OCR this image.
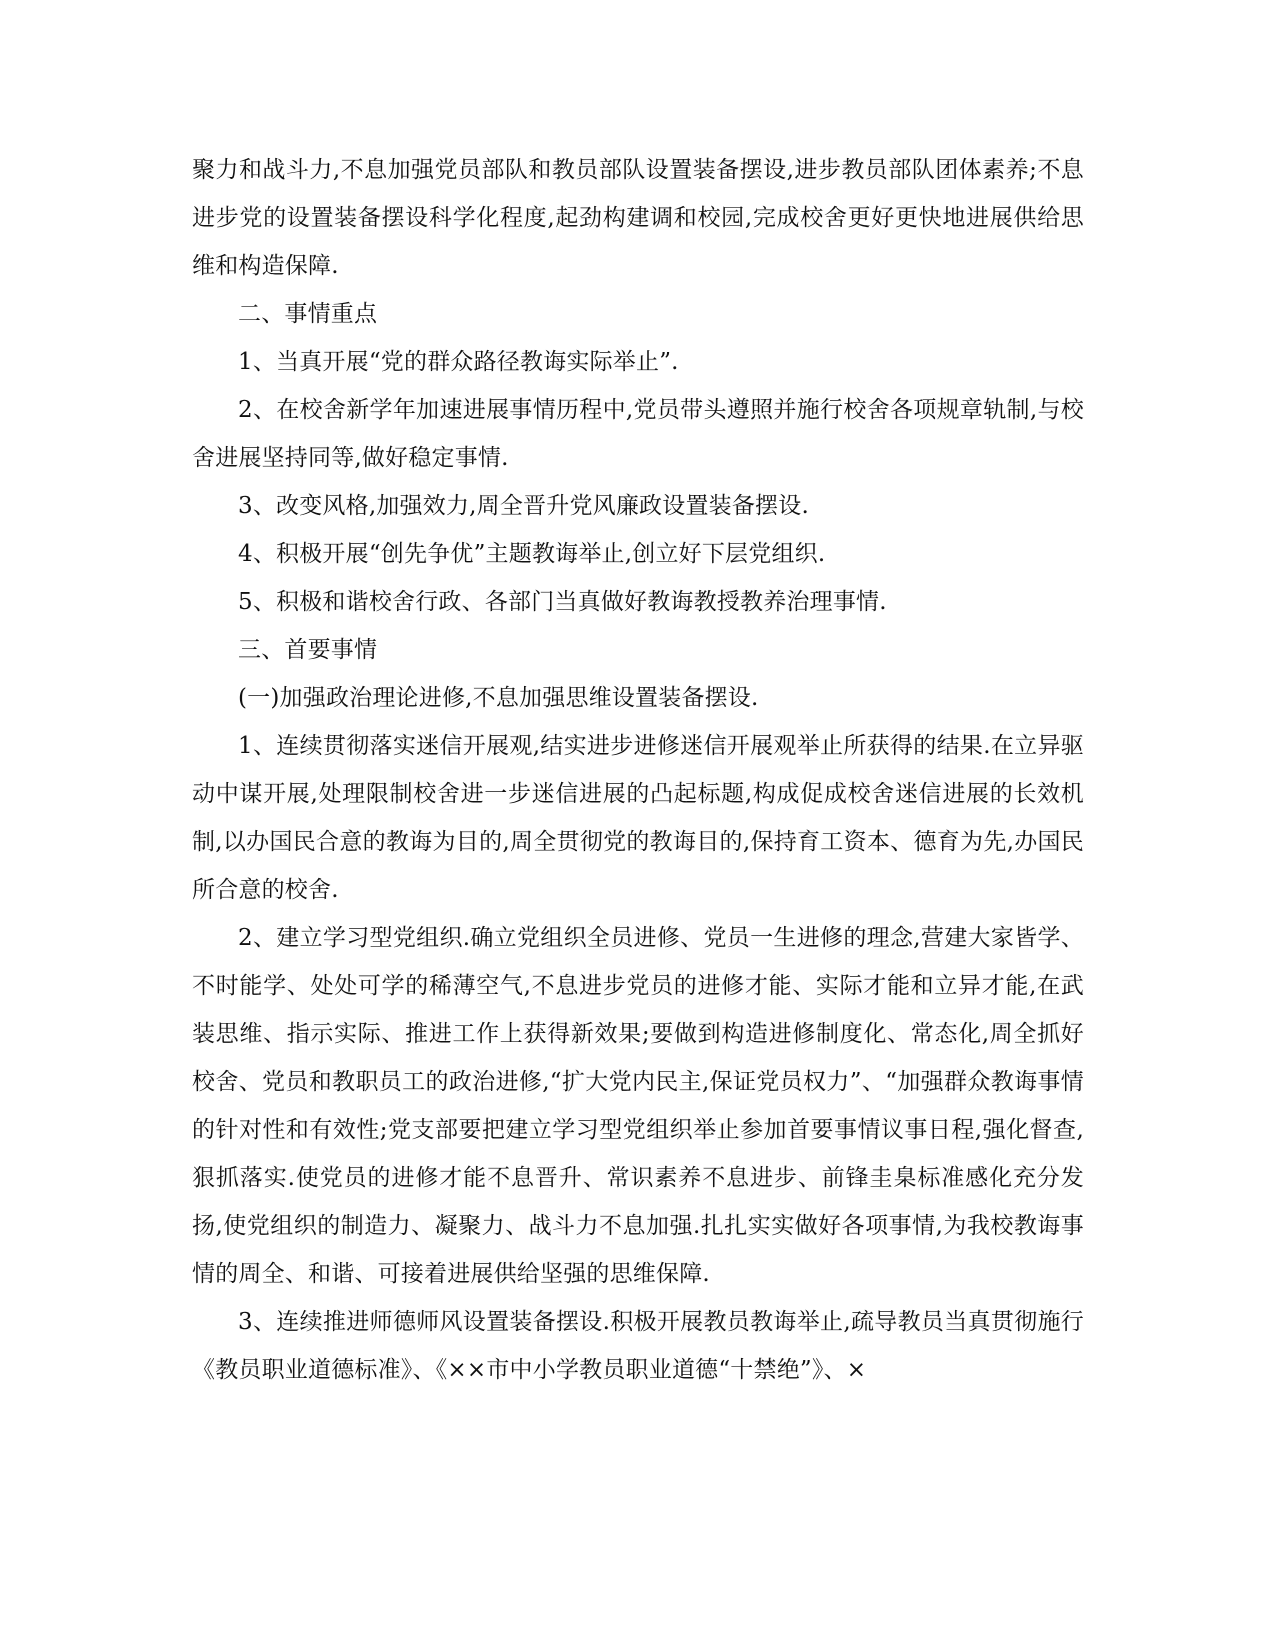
聚力和战斗力,不息加强党员部队和教员部队设置装备摆设,进步教员部队团体素养;不息进步党的设置装备摆设科学化程度,起劲构建调和校园,完成校舍更好更快地进展供给思维和构造保障.

二、事情重点

1、当真开展“党的群众路径教诲实际举止”.

2、在校舍新学年加速进展事情历程中,党员带头遵照并施行校舍各项规章轨制,与校舍进展坚持同等,做好稳定事情.

3、改变风格,加强效力,周全晋升党风廉政设置装备摆设.

4、积极开展“创先争优”主题教诲举止,创立好下层党组织.

5、积极和谐校舍行政、各部门当真做好教诲教授教养治理事情.

三、首要事情

(一)加强政治理论进修,不息加强思维设置装备摆设.

1、连续贯彻落实迷信开展观,结实进步进修迷信开展观举止所获得的结果.在立异驱动中谋开展,处理限制校舍进一步迷信进展的凸起标题,构成促成校舍迷信进展的长效机制,以办国民合意的教诲为目的,周全贯彻党的教诲目的,保持育工资本、德育为先,办国民所合意的校舍.

2、建立学习型党组织.确立党组织全员进修、党员一生进修的理念,营建大家皆学、不时能学、处处可学的稀薄空气,不息进步党员的进修才能、实际才能和立异才能,在武装思维、指示实际、推进工作上获得新效果;要做到构造进修制度化、常态化,周全抓好校舍、党员和教职员工的政治进修,“扩大党内民主,保证党员权力”、“加强群众教诲事情的针对性和有效性;党支部要把建立学习型党组织举止参加首要事情议事日程,强化督查,狠抓落实.使党员的进修才能不息晋升、常识素养不息进步、前锋圭臬标准感化充分发扬,使党组织的制造力、凝聚力、战斗力不息加强.扎扎实实做好各项事情,为我校教诲事情的周全、和谐、可接着进展供给坚强的思维保障.

3、连续推进师德师风设置装备摆设.积极开展教员教诲举止,疏导教员当真贯彻施行《教员职业道德标准》、《××市中小学教员职业道德“十禁绝”》、×
